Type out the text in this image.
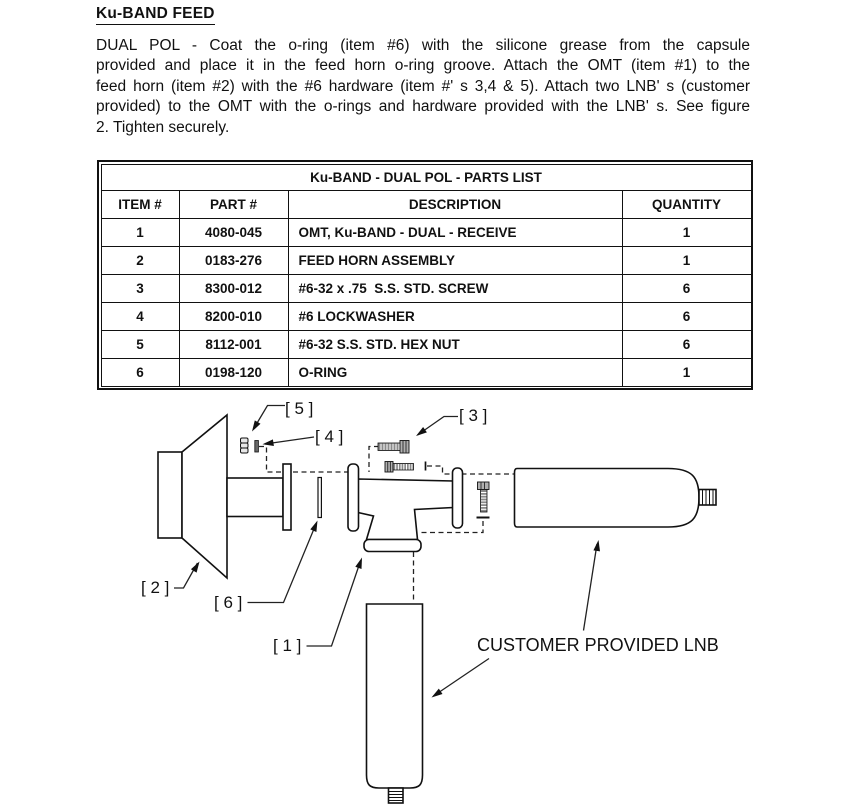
Ku-BAND FEED
DUAL POL - Coat the o-ring (item #6) with the silicone grease from the capsule
provided and place it in the feed horn o-ring groove. Attach the OMT (item #1) to the
feed horn (item #2) with the #6 hardware (item #' s 3,4 & 5). Attach two LNB' s (customer
provided) to the OMT with the o-rings and hardware provided with the LNB' s. See figure
2. Tighten securely.
Ku-BAND - DUAL POL - PARTS LIST			
ITEM #	PART #	DESCRIPTION	QUANTITY
1	4080-045	OMT, Ku-BAND - DUAL - RECEIVE	1
2	0183-276	FEED HORN ASSEMBLY	1
3	8300-012	#6-32 x .75  S.S. STD. SCREW	6
4	8200-010	#6 LOCKWASHER	6
5	8112-001	#6-32 S.S. STD. HEX NUT	6
6	0198-120	O-RING	1
[ 5 ]
[ 4 ]
[ 3 ]
[ 2 ]
[ 6 ]
[ 1 ]	CUSTOMER PROVIDED LNB
